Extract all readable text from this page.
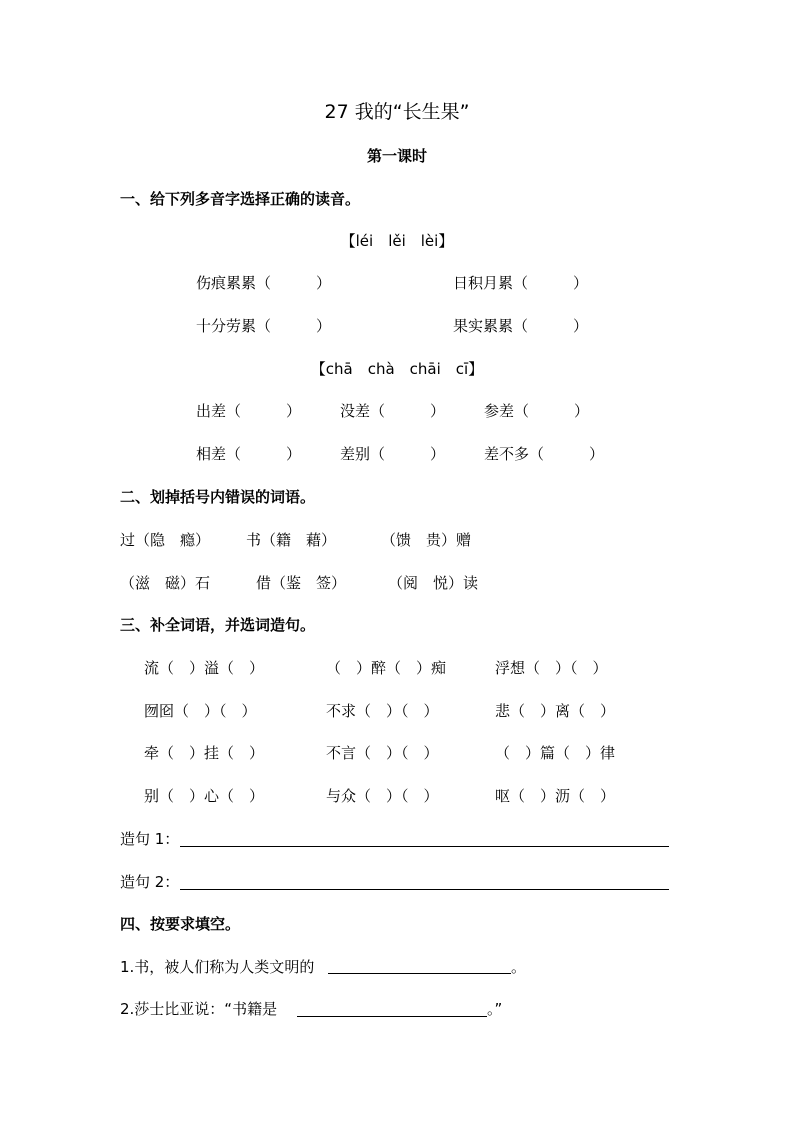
27 我的“长生果”
第一课时
一、给下列多音字选择正确的读音。
【léi　lěi　lèi】
伤痕累累（　　　）	日积月累（　　　）
十分劳累（　　　）	果实累累（　　　）
【chā　chà　chāi　cī】
出差（　　　）	没差（　　　）	参差（　　　）
相差（　　　）	差别（　　　）	差不多（　　　）
二、划掉括号内错误的词语。
过（隐　瘾） 书（籍　藉）	（馈　贵）赠
（滋　磁）石	借（鉴　签）	（阅　悦）读
三、补全词语，并选词造句。
流（　）溢（　）	（　）醉（　）痴	浮想（　）（　）
囫囵（　）（　）	不求（　）（　）	悲（　）离（　）
牵（　）挂（　）	不言（　）（　）	（　）篇（　）律
别（　）心（　）	与众（　）（　）	呕（　）沥（　）
造句 1：
造句 2：
四、按要求填空。
1.书，被人们称为人类文明的	。
2.莎士比亚说：“书籍是	。”
